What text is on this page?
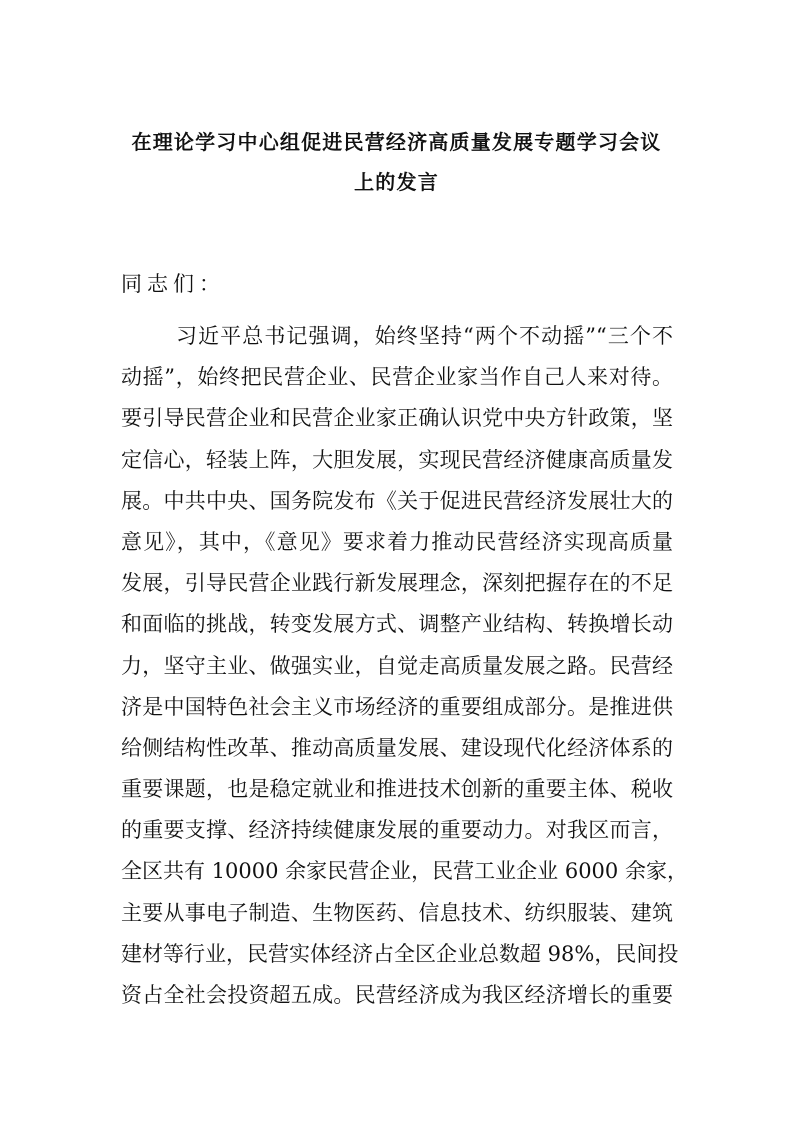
在理论学习中心组促进民营经济高质量发展专题学习会议
上的发言
同志们：
习近平总书记强调，始终坚持“两个不动摇”“三个不
动摇”，始终把民营企业、民营企业家当作自己人来对待。
要引导民营企业和民营企业家正确认识党中央方针政策，坚
定信心，轻装上阵，大胆发展，实现民营经济健康高质量发
展。中共中央、国务院发布《关于促进民营经济发展壮大的
意见》，其中，《意见》要求着力推动民营经济实现高质量
发展，引导民营企业践行新发展理念，深刻把握存在的不足
和面临的挑战，转变发展方式、调整产业结构、转换增长动
力，坚守主业、做强实业，自觉走高质量发展之路。民营经
济是中国特色社会主义市场经济的重要组成部分。是推进供
给侧结构性改革、推动高质量发展、建设现代化经济体系的
重要课题，也是稳定就业和推进技术创新的重要主体、税收
的重要支撑、经济持续健康发展的重要动力。对我区而言，
全区共有 10000 余家民营企业，民营工业企业 6000 余家，
主要从事电子制造、生物医药、信息技术、纺织服装、建筑
建材等行业，民营实体经济占全区企业总数超 98%，民间投
资占全社会投资超五成。民营经济成为我区经济增长的重要
